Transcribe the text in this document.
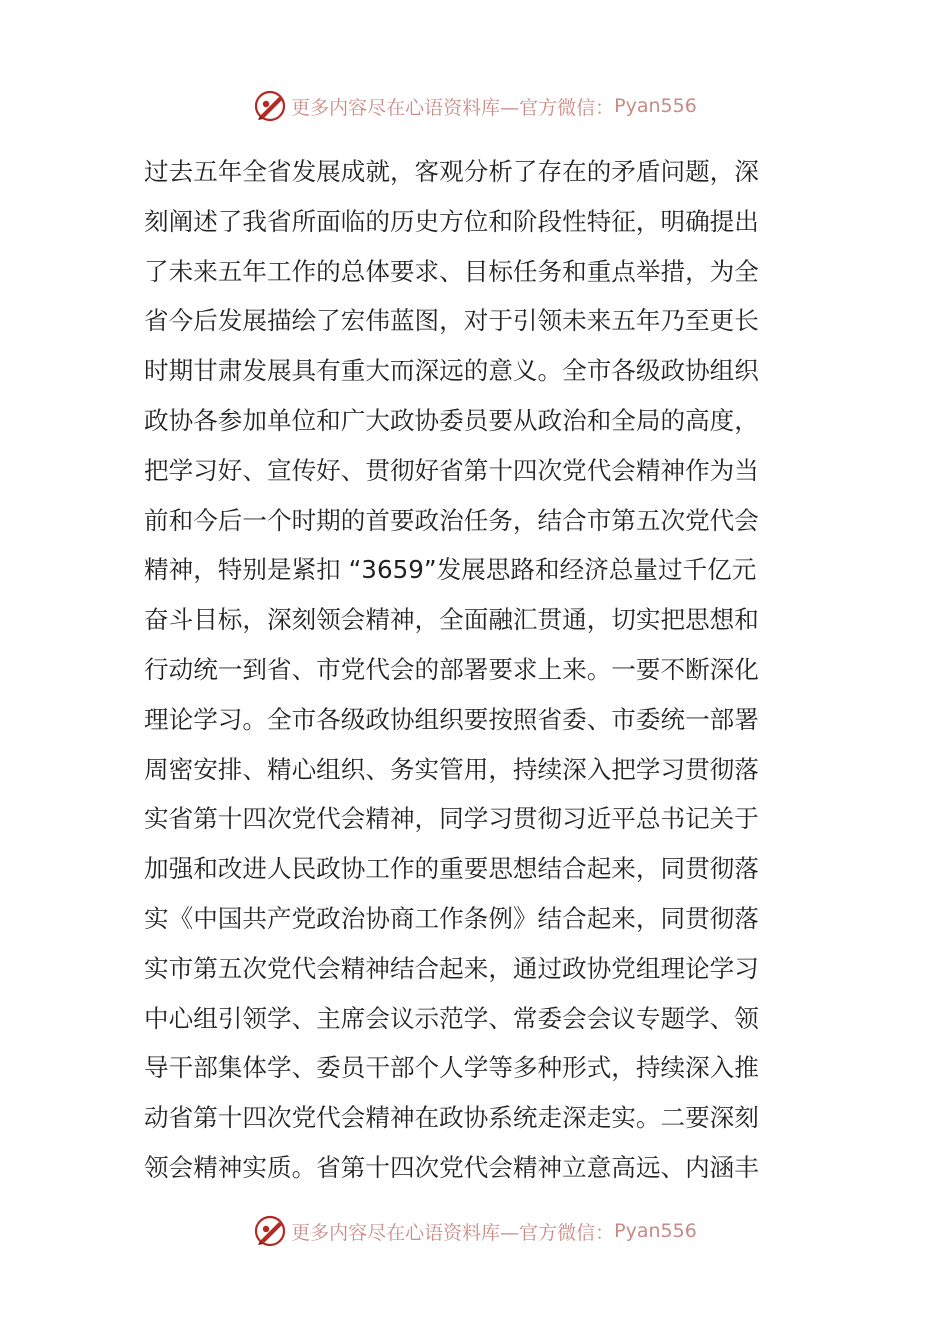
更多内容尽在心语资料库—官方微信： Pyan556
过去五年全省发展成就，客观分析了存在的矛盾问题，深
刻阐述了我省所面临的历史方位和阶段性特征，明确提出
了未来五年工作的总体要求、目标任务和重点举措，为全
省今后发展描绘了宏伟蓝图，对于引领未来五年乃至更长
时期甘肃发展具有重大而深远的意义。全市各级政协组织
政协各参加单位和广大政协委员要从政治和全局的高度，
把学习好、宣传好、贯彻好省第十四次党代会精神作为当
前和今后一个时期的首要政治任务，结合市第五次党代会
精神，特别是紧扣 “3659”发展思路和经济总量过千亿元
奋斗目标，深刻领会精神，全面融汇贯通，切实把思想和
行动统一到省、市党代会的部署要求上来。一要不断深化
理论学习。全市各级政协组织要按照省委、市委统一部署
周密安排、精心组织、务实管用，持续深入把学习贯彻落
实省第十四次党代会精神，同学习贯彻习近平总书记关于
加强和改进人民政协工作的重要思想结合起来，同贯彻落
实《中国共产党政治协商工作条例》结合起来，同贯彻落
实市第五次党代会精神结合起来，通过政协党组理论学习
中心组引领学、主席会议示范学、常委会会议专题学、领
导干部集体学、委员干部个人学等多种形式，持续深入推
动省第十四次党代会精神在政协系统走深走实。二要深刻
领会精神实质。省第十四次党代会精神立意高远、内涵丰
更多内容尽在心语资料库—官方微信： Pyan556
